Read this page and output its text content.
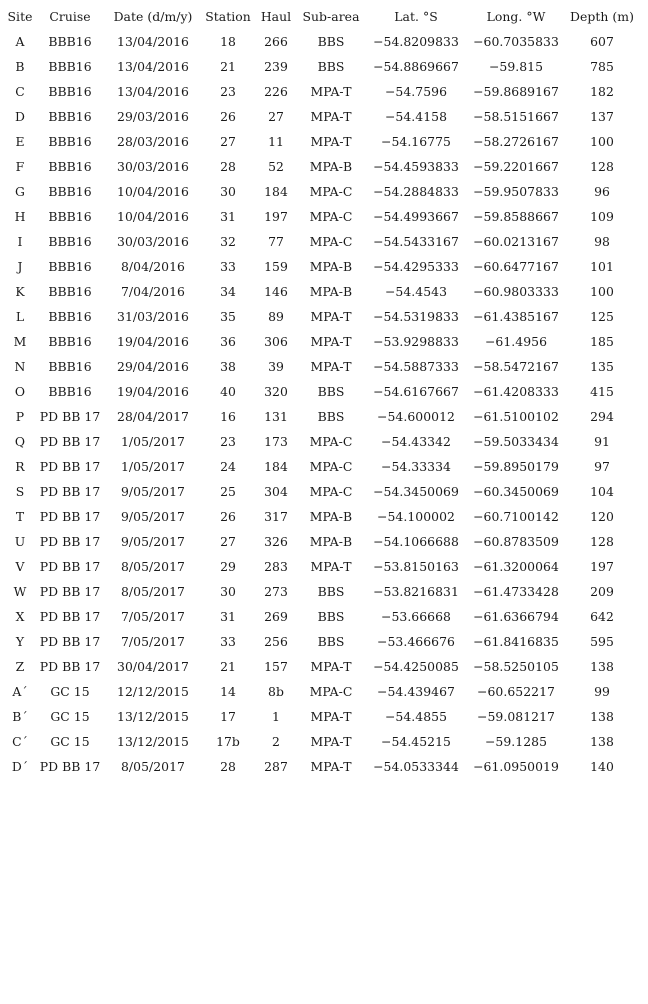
Site	Cruise	Date (d/m/y)	Station	Haul	Sub-area	Lat. °S	Long. °W	Depth (m)
A	BBB16	13/04/2016	18	266	BBS	−54.8209833	−60.7035833	607
B	BBB16	13/04/2016	21	239	BBS	−54.8869667	−59.815	785
C	BBB16	13/04/2016	23	226	MPA-T	−54.7596	−59.8689167	182
D	BBB16	29/03/2016	26	27	MPA-T	−54.4158	−58.5151667	137
E	BBB16	28/03/2016	27	11	MPA-T	−54.16775	−58.2726167	100
F	BBB16	30/03/2016	28	52	MPA-B	−54.4593833	−59.2201667	128
G	BBB16	10/04/2016	30	184	MPA-C	−54.2884833	−59.9507833	96
H	BBB16	10/04/2016	31	197	MPA-C	−54.4993667	−59.8588667	109
I	BBB16	30/03/2016	32	77	MPA-C	−54.5433167	−60.0213167	98
J	BBB16	8/04/2016	33	159	MPA-B	−54.4295333	−60.6477167	101
K	BBB16	7/04/2016	34	146	MPA-B	−54.4543	−60.9803333	100
L	BBB16	31/03/2016	35	89	MPA-T	−54.5319833	−61.4385167	125
M	BBB16	19/04/2016	36	306	MPA-T	−53.9298833	−61.4956	185
N	BBB16	29/04/2016	38	39	MPA-T	−54.5887333	−58.5472167	135
O	BBB16	19/04/2016	40	320	BBS	−54.6167667	−61.4208333	415
P	PD BB 17	28/04/2017	16	131	BBS	−54.600012	−61.5100102	294
Q	PD BB 17	1/05/2017	23	173	MPA-C	−54.43342	−59.5033434	91
R	PD BB 17	1/05/2017	24	184	MPA-C	−54.33334	−59.8950179	97
S	PD BB 17	9/05/2017	25	304	MPA-C	−54.3450069	−60.3450069	104
T	PD BB 17	9/05/2017	26	317	MPA-B	−54.100002	−60.7100142	120
U	PD BB 17	9/05/2017	27	326	MPA-B	−54.1066688	−60.8783509	128
V	PD BB 17	8/05/2017	29	283	MPA-T	−53.8150163	−61.3200064	197
W	PD BB 17	8/05/2017	30	273	BBS	−53.8216831	−61.4733428	209
X	PD BB 17	7/05/2017	31	269	BBS	−53.66668	−61.6366794	642
Y	PD BB 17	7/05/2017	33	256	BBS	−53.466676	−61.8416835	595
Z	PD BB 17	30/04/2017	21	157	MPA-T	−54.4250085	−58.5250105	138
A´	GC 15	12/12/2015	14	8b	MPA-C	−54.439467	−60.652217	99
B´	GC 15	13/12/2015	17	1	MPA-T	−54.4855	−59.081217	138
C´	GC 15	13/12/2015	17b	2	MPA-T	−54.45215	−59.1285	138
D´	PD BB 17	8/05/2017	28	287	MPA-T	−54.0533344	−61.0950019	140
